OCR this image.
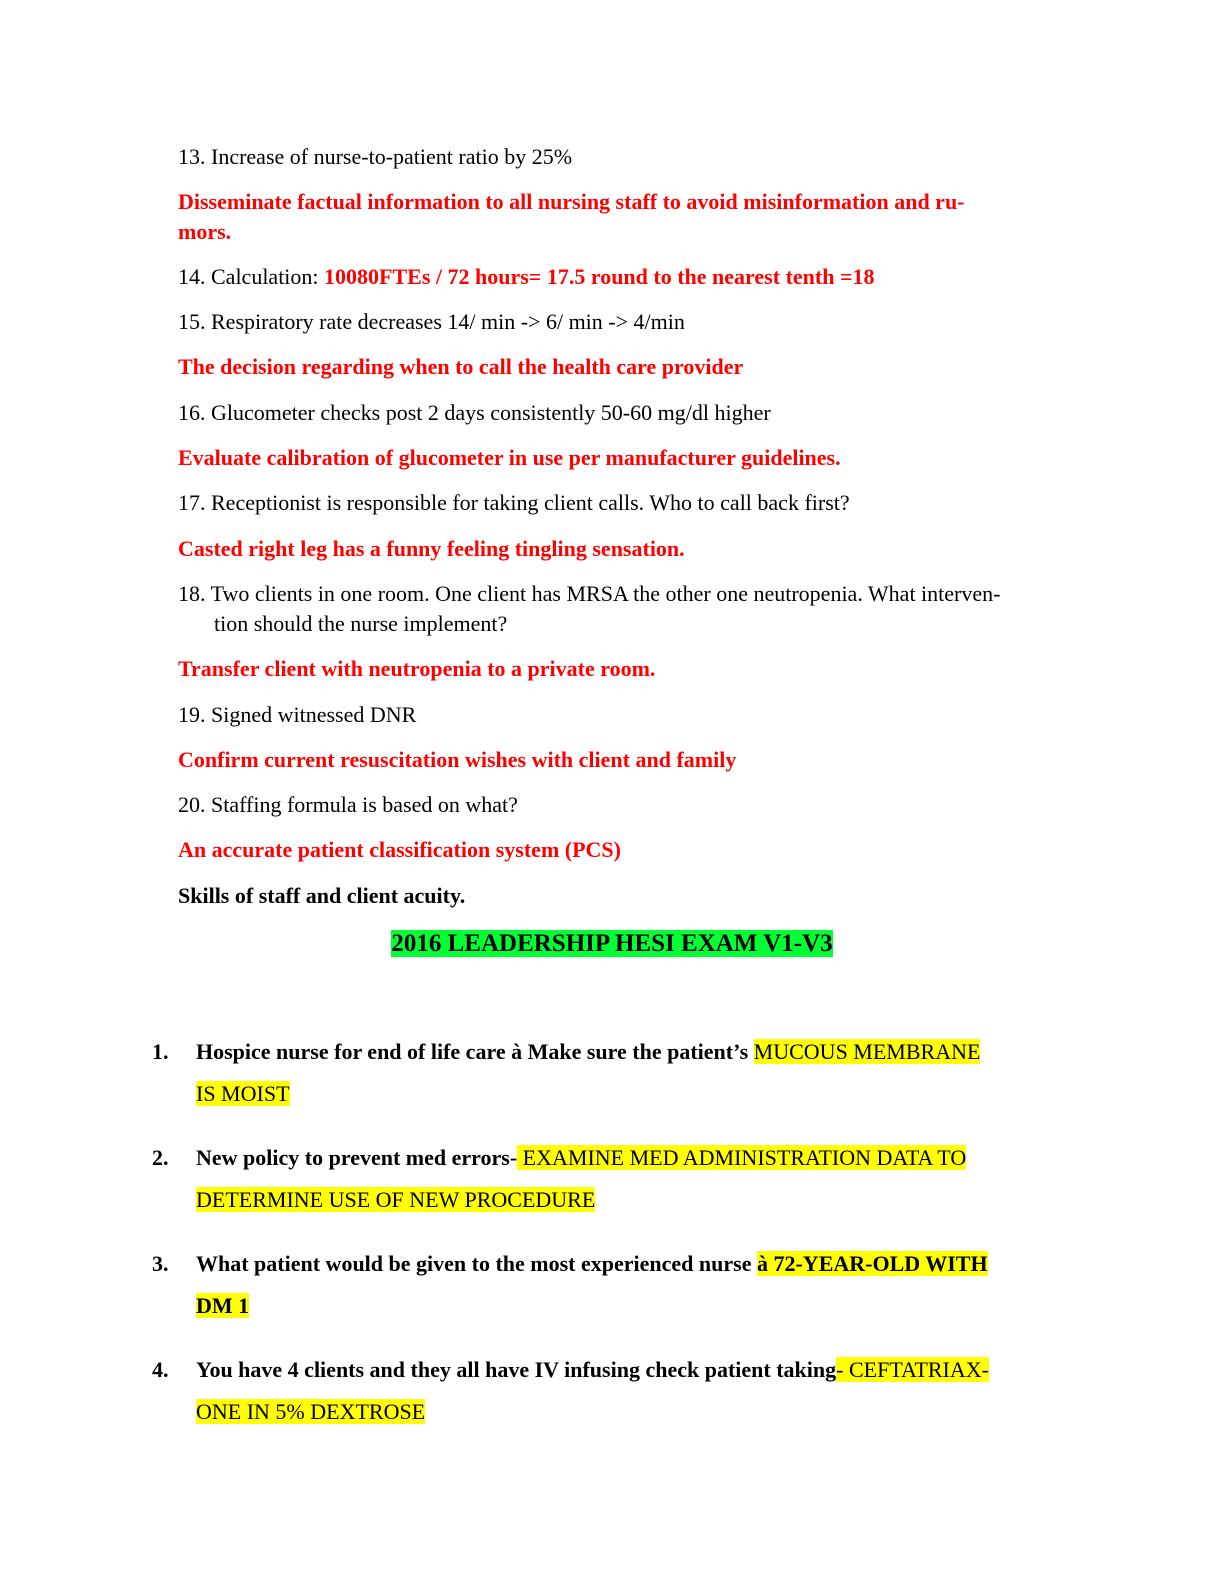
13. Increase of nurse-to-patient ratio by 25%
Disseminate factual information to all nursing staff to avoid misinformation and ru-
mors.
14. Calculation: 10080FTEs / 72 hours= 17.5 round to the nearest tenth =18
15. Respiratory rate decreases 14/ min -> 6/ min -> 4/min
The decision regarding when to call the health care provider
16. Glucometer checks post 2 days consistently 50-60 mg/dl higher
Evaluate calibration of glucometer in use per manufacturer guidelines.
17. Receptionist is responsible for taking client calls. Who to call back first?
Casted right leg has a funny feeling tingling sensation.
18. Two clients in one room. One client has MRSA the other one neutropenia. What interven-
tion should the nurse implement?
Transfer client with neutropenia to a private room.
19. Signed witnessed DNR
Confirm current resuscitation wishes with client and family
20. Staffing formula is based on what?
An accurate patient classification system (PCS)
Skills of staff and client acuity.
2016 LEADERSHIP HESI EXAM V1-V3
1. Hospice nurse for end of life care à Make sure the patient’s MUCOUS MEMBRANE
IS MOIST
2. New policy to prevent med errors- EXAMINE MED ADMINISTRATION DATA TO
DETERMINE USE OF NEW PROCEDURE
3. What patient would be given to the most experienced nurse à 72-YEAR-OLD WITH
DM 1
4. You have 4 clients and they all have IV infusing check patient taking- CEFTATRIAX-
ONE IN 5% DEXTROSE
